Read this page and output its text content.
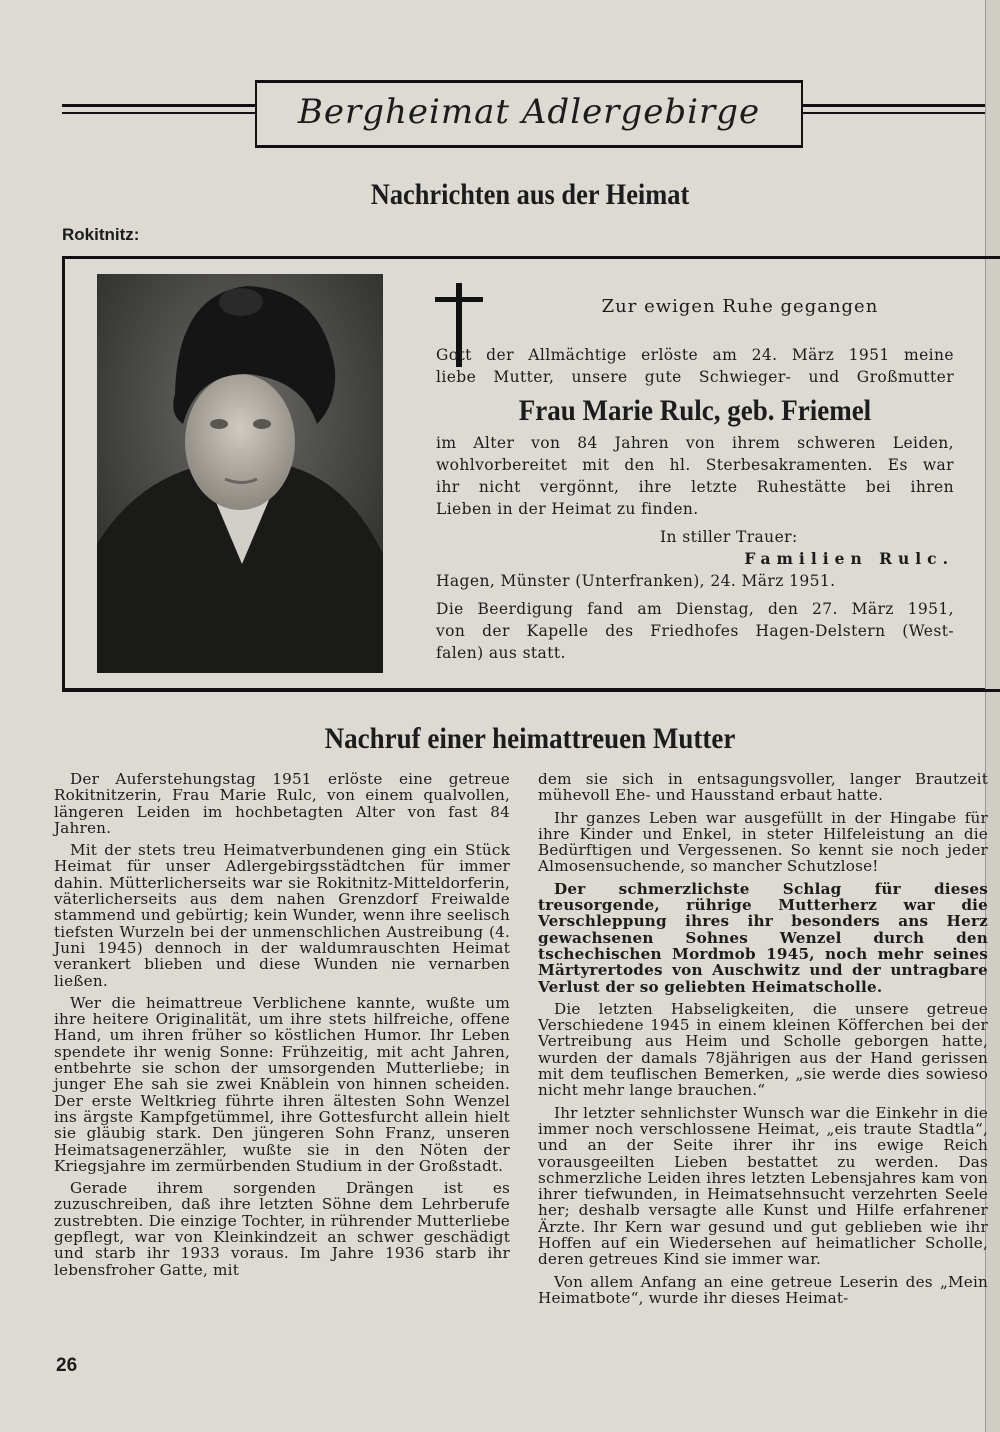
Bergheimat Adlergebirge
Nachrichten aus der Heimat
Rokitnitz:
Zur ewigen Ruhe gegangen
Gott der Allmächtige erlöste am 24. März 1951 meine
liebe Mutter, unsere gute Schwieger- und Großmutter
Frau Marie Rulc, geb. Friemel
im Alter von 84 Jahren von ihrem schweren Leiden,
wohlvorbereitet mit den hl. Sterbesakramenten. Es war
ihr nicht vergönnt, ihre letzte Ruhestätte bei ihren
Lieben in der Heimat zu finden.
In stiller Trauer:
Familien Rulc.
Hagen, Münster (Unterfranken), 24. März 1951.
Die Beerdigung fand am Dienstag, den 27. März 1951,
von der Kapelle des Friedhofes Hagen-Delstern (West-
falen) aus statt.
Nachruf einer heimattreuen Mutter

Der Auferstehungstag 1951 erlöste eine getreue Rokitnitzerin, Frau Marie Rulc, von einem qualvollen, längeren Leiden im hochbetagten Alter von fast 84 Jahren.

Mit der stets treu Heimatverbundenen ging ein Stück Heimat für unser Adlergebirgsstädtchen für immer dahin. Mütterlicherseits war sie Rokitnitz-Mitteldorferin, väterlicherseits aus dem nahen Grenzdorf Freiwalde stammend und gebürtig; kein Wunder, wenn ihre seelisch tiefsten Wurzeln bei der unmenschlichen Austreibung (4. Juni 1945) dennoch in der waldumrauschten Heimat verankert blieben und diese Wunden nie vernarben ließen.

Wer die heimattreue Verblichene kannte, wußte um ihre heitere Originalität, um ihre stets hilfreiche, offene Hand, um ihren früher so köstlichen Humor. Ihr Leben spendete ihr wenig Sonne: Frühzeitig, mit acht Jahren, entbehrte sie schon der umsorgenden Mutterliebe; in junger Ehe sah sie zwei Knäblein von hinnen scheiden. Der erste Weltkrieg führte ihren ältesten Sohn Wenzel ins ärgste Kampfgetümmel, ihre Gottesfurcht allein hielt sie gläubig stark. Den jüngeren Sohn Franz, unseren Heimatsagenerzähler, wußte sie in den Nöten der Kriegsjahre im zermürbenden Studium in der Großstadt.

Gerade ihrem sorgenden Drängen ist es zuzuschreiben, daß ihre letzten Söhne dem Lehrberufe zustrebten. Die einzige Tochter, in rührender Mutterliebe gepflegt, war von Kleinkindzeit an schwer geschädigt und starb ihr 1933 voraus. Im Jahre 1936 starb ihr lebensfroher Gatte, mit

dem sie sich in entsagungsvoller, langer Brautzeit mühevoll Ehe- und Hausstand erbaut hatte.

Ihr ganzes Leben war ausgefüllt in der Hingabe für ihre Kinder und Enkel, in steter Hilfeleistung an die Bedürftigen und Vergessenen. So kennt sie noch jeder Almosensuchende, so mancher Schutzlose!

Der schmerzlichste Schlag für dieses treusorgende, rührige Mutterherz war die Verschleppung ihres ihr besonders ans Herz gewachsenen Sohnes Wenzel durch den tschechischen Mordmob 1945, noch mehr seines Märtyrertodes von Auschwitz und der untragbare Verlust der so geliebten Heimatscholle.

Die letzten Habseligkeiten, die unsere getreue Verschiedene 1945 in einem kleinen Köfferchen bei der Vertreibung aus Heim und Scholle geborgen hatte, wurden der damals 78jährigen aus der Hand gerissen mit dem teuflischen Bemerken, „sie werde dies sowieso nicht mehr lange brauchen.“

Ihr letzter sehnlichster Wunsch war die Einkehr in die immer noch verschlossene Heimat, „eis traute Stadtla“, und an der Seite ihrer ihr ins ewige Reich vorausgeeilten Lieben bestattet zu werden. Das schmerzliche Leiden ihres letzten Lebensjahres kam von ihrer tiefwunden, in Heimatsehnsucht verzehrten Seele her; deshalb versagte alle Kunst und Hilfe erfahrener Ärzte. Ihr Kern war gesund und gut geblieben wie ihr Hoffen auf ein Wiedersehen auf heimatlicher Scholle, deren getreues Kind sie immer war.

Von allem Anfang an eine getreue Leserin des „Mein Heimatbote“, wurde ihr dieses Heimat-

26
